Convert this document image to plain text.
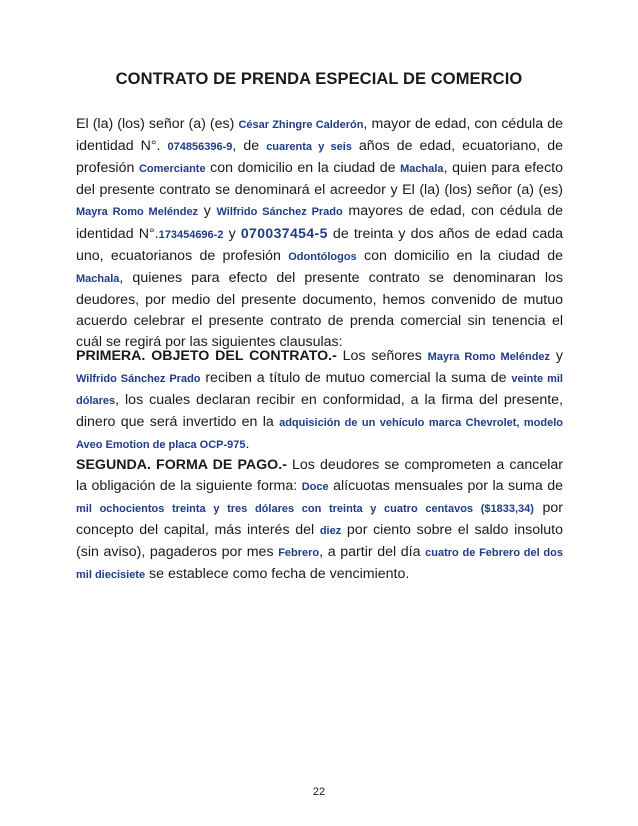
CONTRATO DE PRENDA ESPECIAL DE COMERCIO
El (la) (los) señor (a) (es) César Zhingre Calderón, mayor de edad, con cédula de identidad N°. 074856396-9, de cuarenta y seis años de edad, ecuatoriano, de profesión Comerciante con domicilio en la ciudad de Machala, quien para efecto del presente contrato se denominará el acreedor y El (la) (los) señor (a) (es) Mayra Romo Meléndez y Wilfrido Sánchez Prado mayores de edad, con cédula de identidad N°.173454696-2 y 070037454-5 de treinta y dos años de edad cada uno, ecuatorianos de profesión Odontólogos con domicilio en la ciudad de Machala, quienes para efecto del presente contrato se denominaran los deudores, por medio del presente documento, hemos convenido de mutuo acuerdo celebrar el presente contrato de prenda comercial sin tenencia el cuál se regirá por las siguientes clausulas:
PRIMERA. OBJETO DEL CONTRATO.- Los señores Mayra Romo Meléndez y Wilfrido Sánchez Prado reciben a título de mutuo comercial la suma de veinte mil dólares, los cuales declaran recibir en conformidad, a la firma del presente, dinero que será invertido en la adquisición de un vehículo marca Chevrolet, modelo Aveo Emotion de placa OCP-975.
SEGUNDA. FORMA DE PAGO.- Los deudores se comprometen a cancelar la obligación de la siguiente forma: Doce alícuotas mensuales por la suma de mil ochocientos treinta y tres dólares con treinta y cuatro centavos ($1833,34) por concepto del capital, más interés del diez por ciento sobre el saldo insoluto (sin aviso), pagaderos por mes Febrero, a partir del día cuatro de Febrero del dos mil diecisiete se establece como fecha de vencimiento.
22
